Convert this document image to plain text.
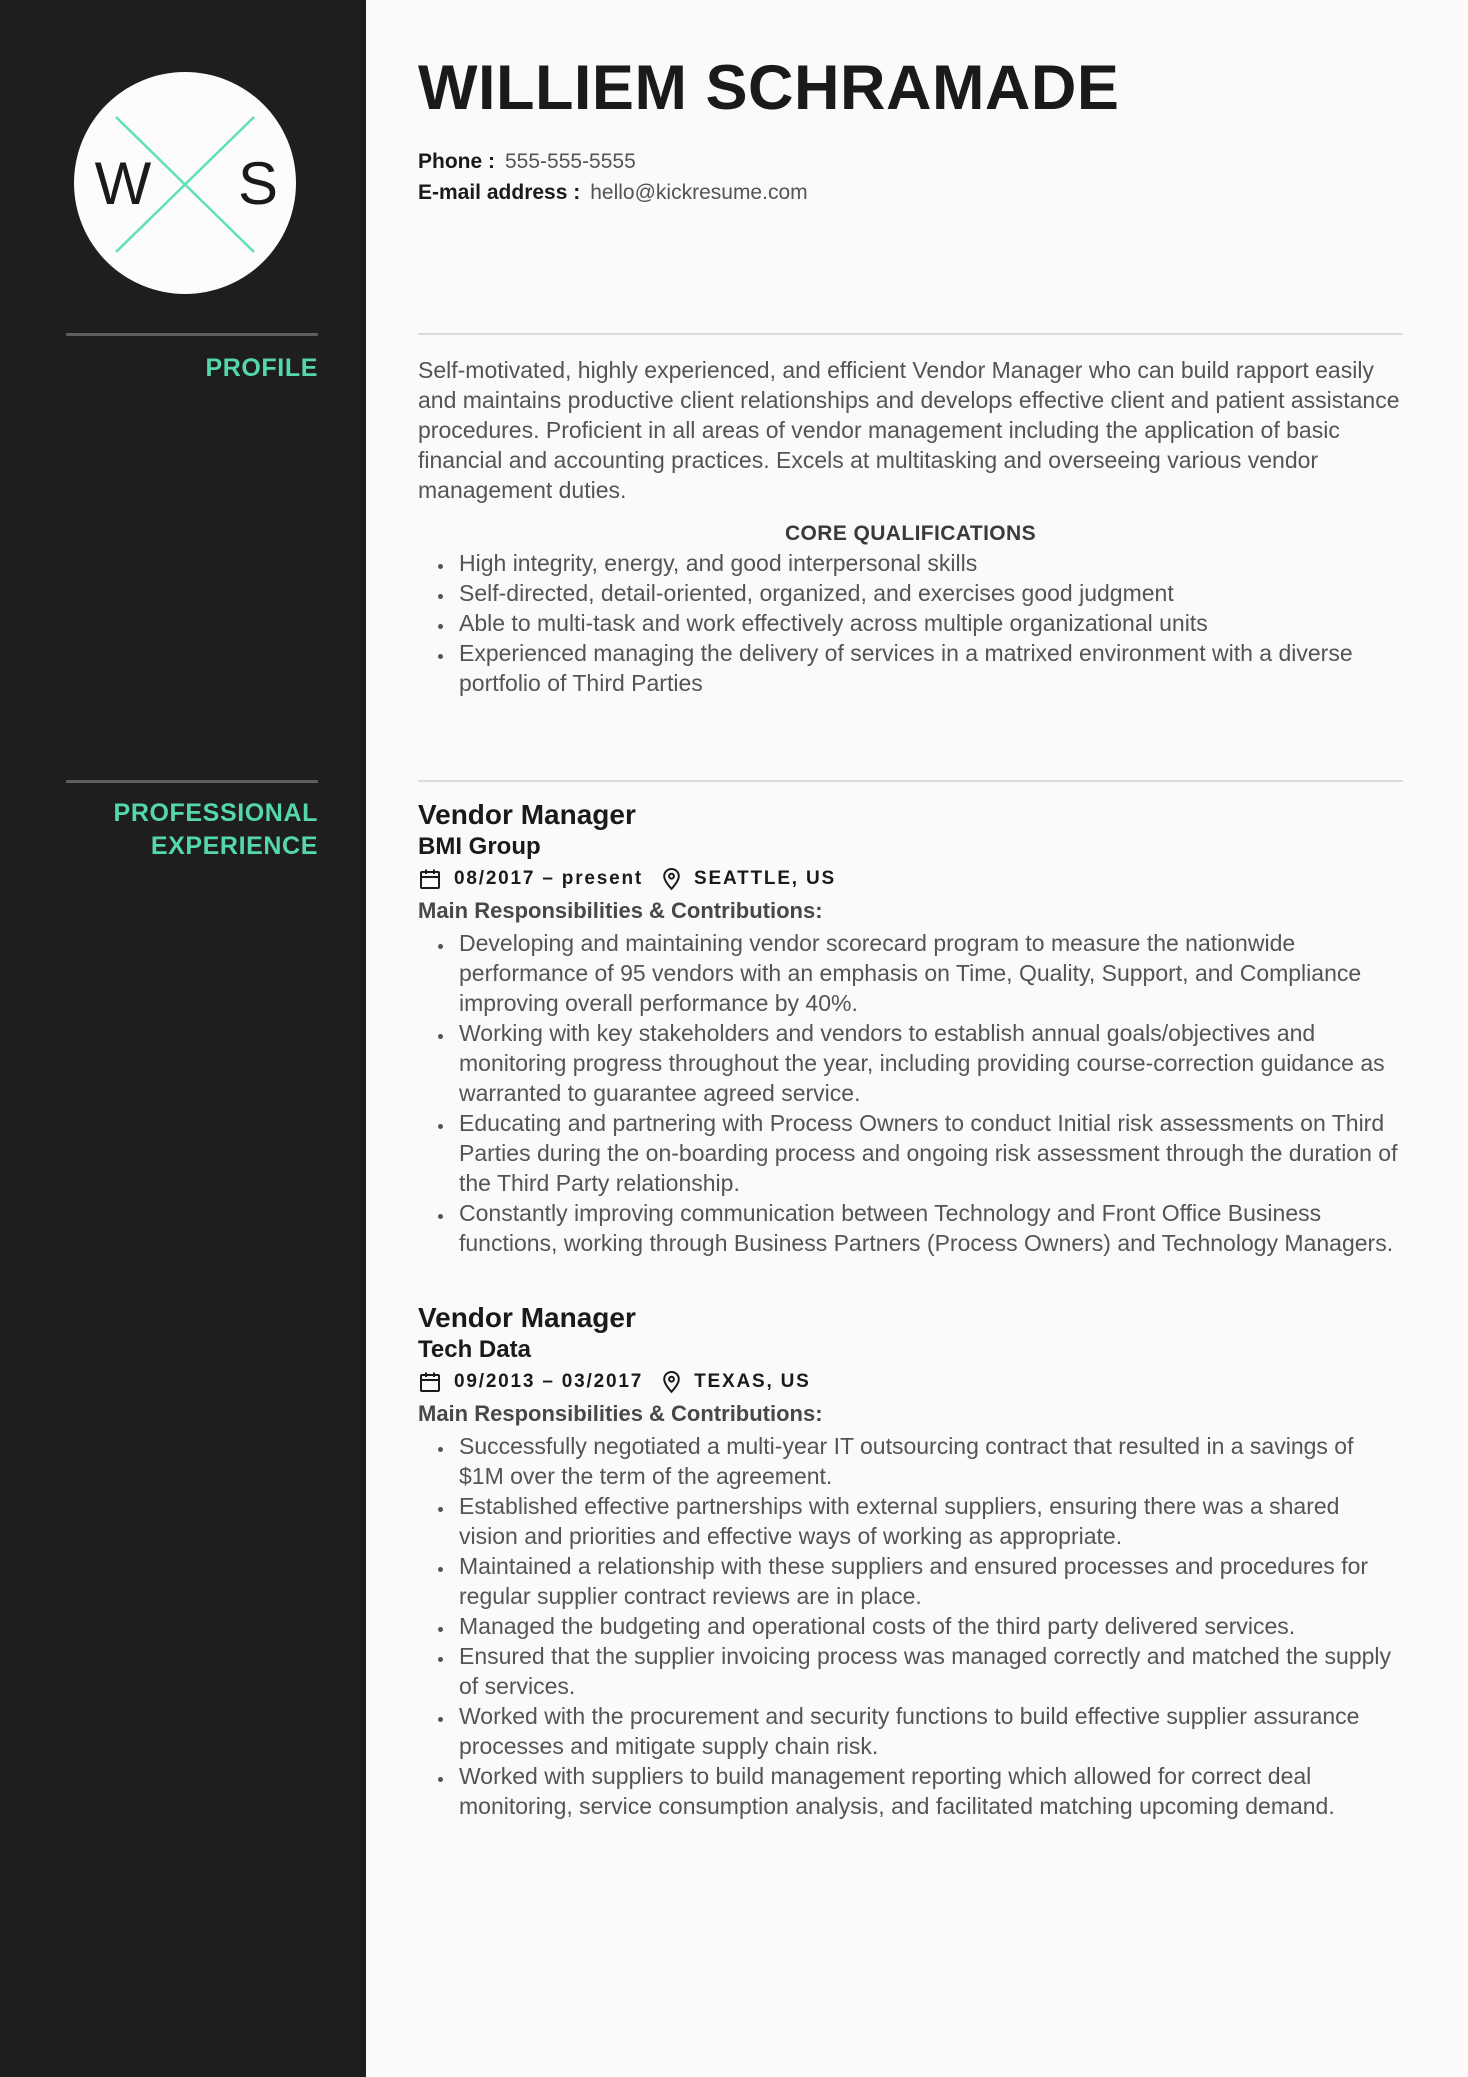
W S
PROFILE
PROFESSIONAL
EXPERIENCE
WILLIEM SCHRAMADE
Phone : 555-555-5555
E-mail address : hello@kickresume.com

Self-motivated, highly experienced, and efficient Vendor Manager who can build rapport easily and maintains productive client relationships and develops effective client and patient assistance procedures. Proficient in all areas of vendor management including the application of basic financial and accounting practices. Excels at multitasking and overseeing various vendor management duties.

CORE QUALIFICATIONS
• High integrity, energy, and good interpersonal skills
• Self-directed, detail-oriented, organized, and exercises good judgment
• Able to multi-task and work effectively across multiple organizational units
• Experienced managing the delivery of services in a matrixed environment with a diverse portfolio of Third Parties
Vendor Manager
BMI Group
08/2017 – present	SEATTLE, US

Main Responsibilities & Contributions:

• Developing and maintaining vendor scorecard program to measure the nationwide performance of 95 vendors with an emphasis on Time, Quality, Support, and Compliance improving overall performance by 40%.
• Working with key stakeholders and vendors to establish annual goals/objectives and monitoring progress throughout the year, including providing course-correction guidance as warranted to guarantee agreed service.
• Educating and partnering with Process Owners to conduct Initial risk assessments on Third Parties during the on-boarding process and ongoing risk assessment through the duration of the Third Party relationship.
• Constantly improving communication between Technology and Front Office Business functions, working through Business Partners (Process Owners) and Technology Managers.
Vendor Manager
Tech Data
09/2013 – 03/2017	TEXAS, US

Main Responsibilities & Contributions:

• Successfully negotiated a multi-year IT outsourcing contract that resulted in a savings of $1M over the term of the agreement.
• Established effective partnerships with external suppliers, ensuring there was a shared vision and priorities and effective ways of working as appropriate.
• Maintained a relationship with these suppliers and ensured processes and procedures for regular supplier contract reviews are in place.
• Managed the budgeting and operational costs of the third party delivered services.
• Ensured that the supplier invoicing process was managed correctly and matched the supply of services.
• Worked with the procurement and security functions to build effective supplier assurance processes and mitigate supply chain risk.
• Worked with suppliers to build management reporting which allowed for correct deal monitoring, service consumption analysis, and facilitated matching upcoming demand.
